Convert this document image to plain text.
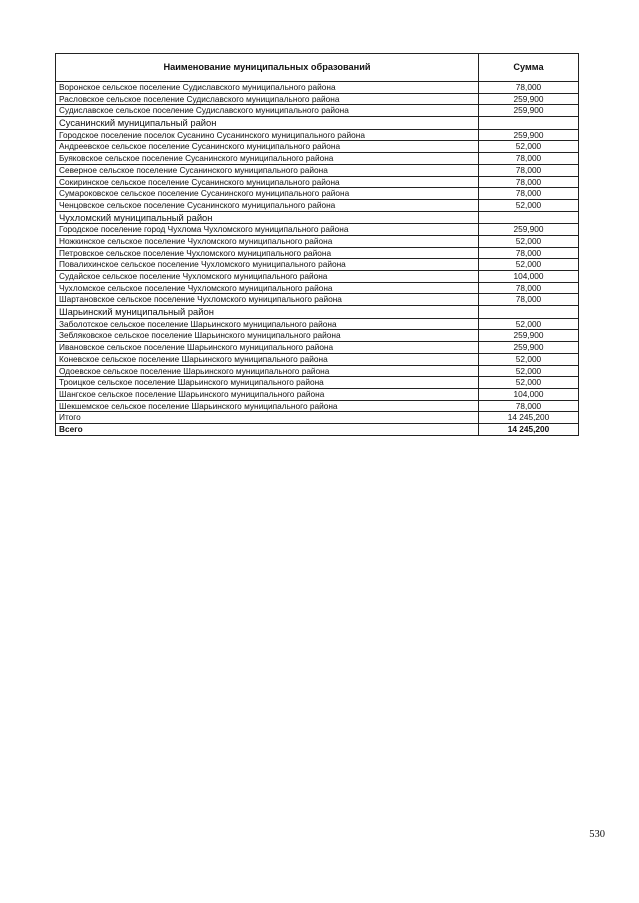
Наименование муниципальных образований	Сумма
Воронское сельское поселение Судиславского муниципального района	78,000
Расловское сельское поселение Судиславского муниципального района	259,900
Судиславское сельское поселение Судиславского муниципального района	259,900
Сусанинский муниципальный район	
Городское поселение поселок Сусанино Сусанинского муниципального района	259,900
Андреевское сельское поселение Сусанинского муниципального района	52,000
Буяковское сельское поселение Сусанинского муниципального района	78,000
Северное сельское поселение Сусанинского муниципального района	78,000
Сокиринское сельское поселение Сусанинского муниципального района	78,000
Сумароковское сельское поселение Сусанинского муниципального района	78,000
Ченцовское сельское поселение Сусанинского муниципального района	52,000
Чухломский муниципальный район	
Городское поселение город Чухлома Чухломского муниципального района	259,900
Ножкинское сельское поселение Чухломского муниципального района	52,000
Петровское сельское поселение Чухломского муниципального района	78,000
Повалихинское сельское поселение Чухломского муниципального района	52,000
Судайское сельское поселение Чухломского муниципального района	104,000
Чухломское сельское поселение Чухломского муниципального района	78,000
Шартановское сельское поселение Чухломского муниципального района	78,000
Шарьинский муниципальный район	
Заболотское сельское поселение Шарьинского муниципального района	52,000
Зебляковское сельское поселение Шарьинского муниципального района	259,900
Ивановское сельское поселение Шарьинского муниципального района	259,900
Коневское сельское поселение Шарьинского муниципального района	52,000
Одоевское сельское поселение Шарьинского муниципального района	52,000
Троицкое сельское поселение Шарьинского муниципального района	52,000
Шангское сельское поселение Шарьинского муниципального района	104,000
Шекшемское сельское поселение Шарьинского муниципального района	78,000
Итого	14 245,200
Всего	14 245,200
530
